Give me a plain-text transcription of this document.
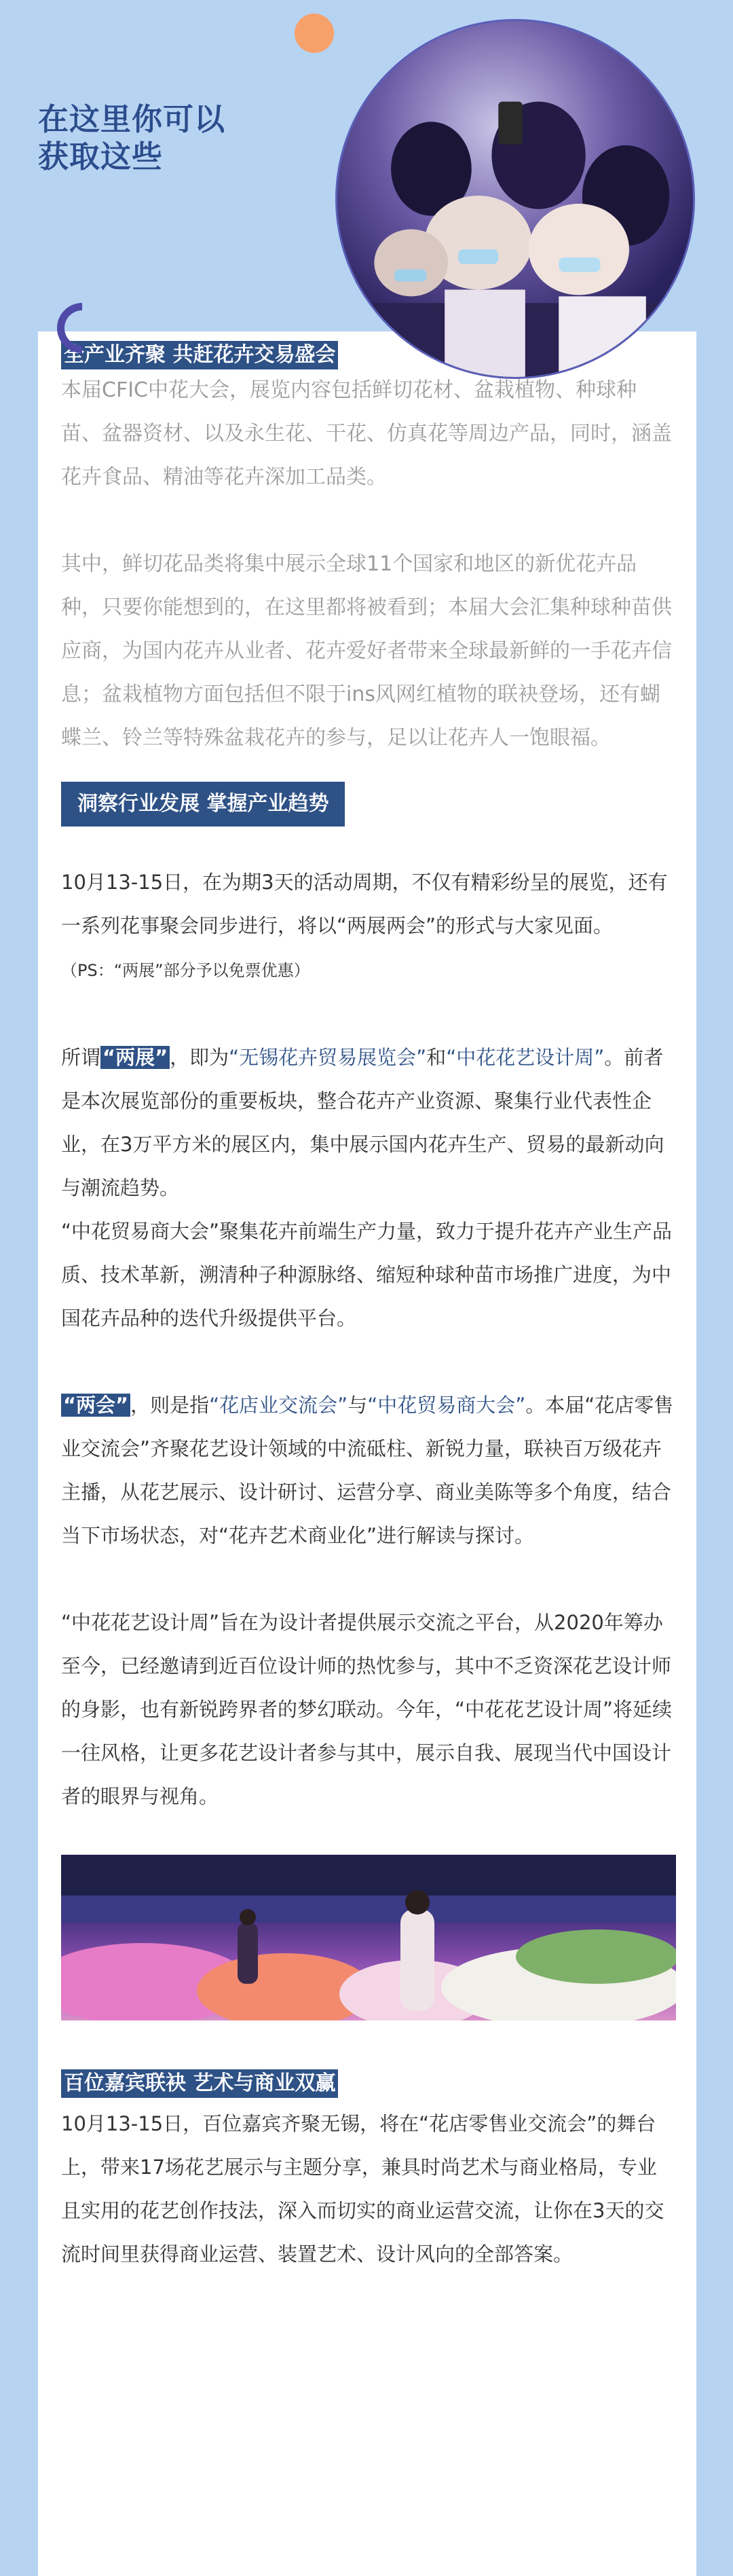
在这里你可以
获取这些
全产业齐聚 共赶花卉交易盛会

本届CFIC中花大会，展览内容包括鲜切花材、盆栽植物、种球种苗、盆器资材、以及永生花、干花、仿真花等周边产品，同时，涵盖花卉食品、精油等花卉深加工品类。

其中，鲜切花品类将集中展示全球11个国家和地区的新优花卉品种，只要你能想到的，在这里都将被看到；本届大会汇集种球种苗供应商，为国内花卉从业者、花卉爱好者带来全球最新鲜的一手花卉信息；盆栽植物方面包括但不限于ins风网红植物的联袂登场，还有蝴蝶兰、铃兰等特殊盆栽花卉的参与，足以让花卉人一饱眼福。

洞察行业发展 掌握产业趋势

10月13-15日，在为期3天的活动周期，不仅有精彩纷呈的展览，还有一系列花事聚会同步进行，将以“两展两会”的形式与大家见面。（PS：“两展”部分予以免票优惠）

所谓 “两展” ，即为“无锡花卉贸易展览会”和“中花花艺设计周”。前者是本次展览部份的重要板块，整合花卉产业资源、聚集行业代表性企业，在3万平方米的展区内，集中展示国内花卉生产、贸易的最新动向与潮流趋势。

“中花贸易商大会”聚集花卉前端生产力量，致力于提升花卉产业生产品质、技术革新，溯清种子种源脉络、缩短种球种苗市场推广进度，为中国花卉品种的迭代升级提供平台。

“两会” ，则是指“花店业交流会”与“中花贸易商大会”。本届“花店零售业交流会”齐聚花艺设计领域的中流砥柱、新锐力量，联袂百万级花卉主播，从花艺展示、设计研讨、运营分享、商业美陈等多个角度，结合当下市场状态，对“花卉艺术商业化”进行解读与探讨。

“中花花艺设计周”旨在为设计者提供展示交流之平台，从2020年筹办至今，已经邀请到近百位设计师的热忱参与，其中不乏资深花艺设计师的身影，也有新锐跨界者的梦幻联动。今年，“中花花艺设计周”将延续一往风格，让更多花艺设计者参与其中，展示自我、展现当代中国设计者的眼界与视角。

百位嘉宾联袂 艺术与商业双赢

10月13-15日，百位嘉宾齐聚无锡，将在“花店零售业交流会”的舞台上，带来17场花艺展示与主题分享，兼具时尚艺术与商业格局，专业且实用的花艺创作技法，深入而切实的商业运营交流，让你在3天的交流时间里获得商业运营、装置艺术、设计风向的全部答案。
